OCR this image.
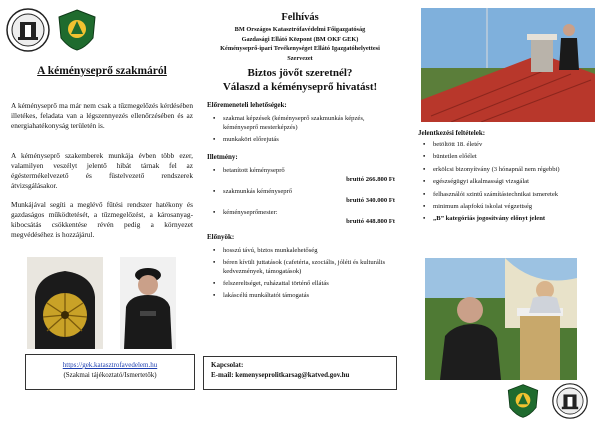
A kéményseprő szakmáról

A kéményseprő ma már nem csak a tűzmegelőzés kérdésében illetékes, feladata van a légszennyezés ellenőrzésében és az energiahatékonyság területén is.

A kéményseprő szakemberek munkája évben több ezer, valamilyen veszélyt jelentő hibát tárnak fel az égéstermékelvezető és füstelvezető rendszerek átvizsgálásakor.

Munkájával segíti a meglévő fűtési rendszer hatékony és gazdaságos működtetését, a tűzmegelőzést, a károsanyag-kibocsátás csökkentése révén pedig a környezet megvédéséhez is hozzájárul.

https://gek.katasztrofavedelem.hu
(Szakmai tájékoztató/Ismertetők)
Felhívás
BM Országos Katasztrófavédelmi Főigazgatóság
Gazdasági Ellátó Központ (BM OKF GEK)
Kéményseprő-ipari Tevékenységet Ellátó Igazgatóhelyettesi
Szervezet
Biztos jövőt szeretnél?
Válaszd a kéményseprő hivatást!
Előremeneteli lehetőségek:
• szakmai képzések (kéményseprő szakmunkás képzés, kéményseprő mesterképzés)
• munkaköri előrejutás
Illetmény:
• betanított kéményseprő
bruttó 266.800 Ft
• szakmunkás kéményseprő
bruttó 340.000 Ft
• kéményseprőmester:
bruttó 448.800 Ft
Előnyök:
• hosszú távú, biztos munkalehetőség
• béren kívüli juttatások (cafetéria, szociális, jóléti és kulturális kedvezmények, támogatások)
• felszereltséget, ruházattal történő ellátás
• lakáscélú munkáltatói támogatás
Kapcsolat:
E-mail: kemenyseprolitkarsag@katved.gov.hu
Jelentkezési feltételek:
• betöltött 18. életév
• büntetlen előélet
• erkölcsi bizonyítvány (3 hónapnál nem régebbi)
• egészségügyi alkalmassági vizsgálat
• felhasználói szintű számítástechnikai ismeretek
• minimum alapfokú iskolai végzettség
• „B” kategóriás jogosítvány előnyt jelent
